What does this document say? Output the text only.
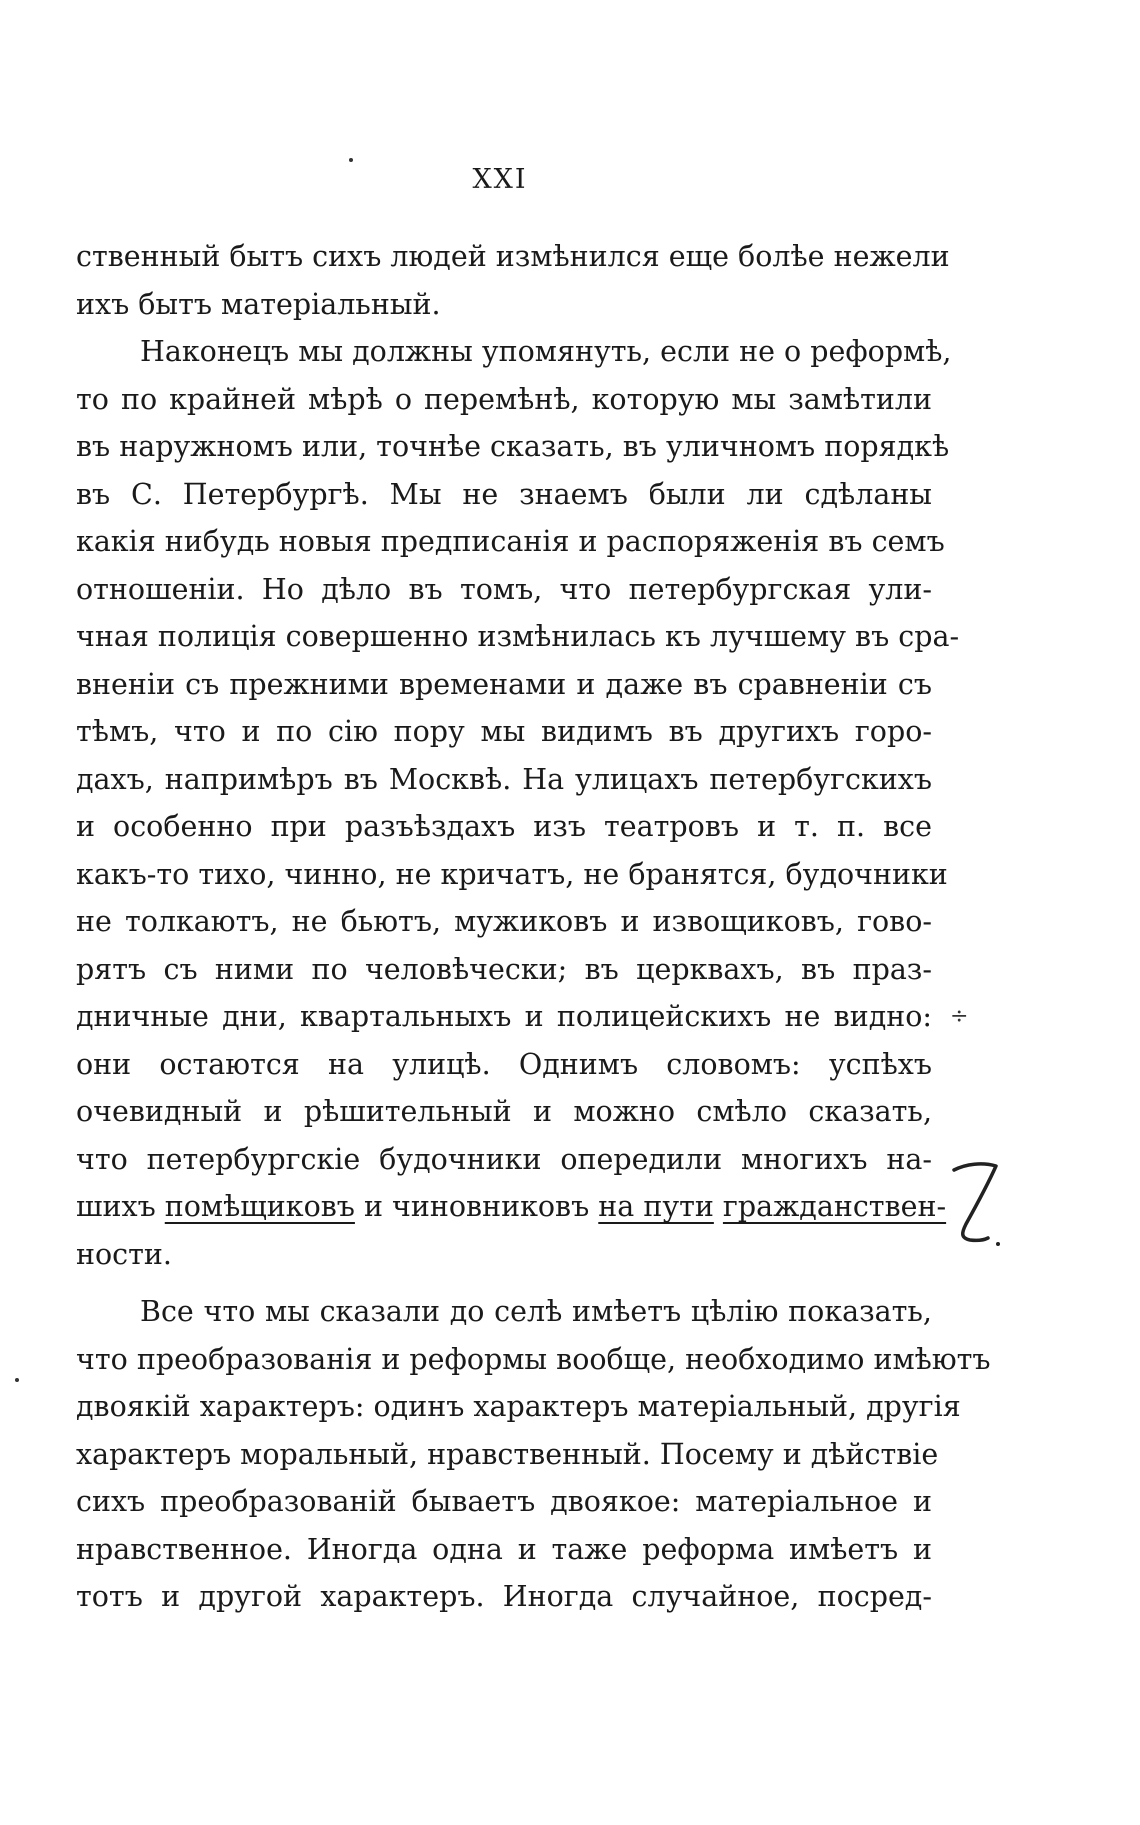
XXI
ственный бытъ сихъ людей измѣнился еще болѣе нежели
ихъ бытъ матеріальный.
Наконецъ мы должны упомянуть, если не о реформѣ,
то по крайней мѣрѣ о перемѣнѣ, которую мы замѣтили
въ наружномъ или, точнѣе сказать, въ уличномъ порядкѣ
въ С. Петербургѣ. Мы не знаемъ были ли сдѣланы
какія нибудь новыя предписанія и распоряженія въ семъ
отношеніи. Но дѣло въ томъ, что петербургская ули-
чная полиція совершенно измѣнилась къ лучшему въ сра-
вненіи съ прежними временами и даже въ сравненіи съ
тѣмъ, что и по сію пору мы видимъ въ другихъ горо-
дахъ, напримѣръ въ Москвѣ. На улицахъ петербугскихъ
и особенно при разъѣздахъ изъ театровъ и т. п. все
какъ-то тихо, чинно, не кричатъ, не бранятся, будочники
не толкаютъ, не бьютъ, мужиковъ и извощиковъ, гово-
рятъ съ ними по человѣчески; въ церквахъ, въ праз-
дничные дни, квартальныхъ и полицейскихъ не видно:
они остаются на улицѣ. Однимъ словомъ: успѣхъ
очевидный и рѣшительный и можно смѣло сказать,
что петербургскіе будочники опередили многихъ на-
шихъ помѣщиковъ и чиновниковъ на пути гражданствен-
ности.
Все что мы сказали до селѣ имѣетъ цѣлію показать,
что преобразованія и реформы вообще, необходимо имѣютъ
двоякій характеръ: одинъ характеръ матеріальный, другія
характеръ моральный, нравственный. Посему и дѣйствіе
сихъ преобразованій бываетъ двоякое: матеріальное и
нравственное. Иногда одна и таже реформа имѣетъ и
тотъ и другой характеръ. Иногда случайное, посред-
÷
